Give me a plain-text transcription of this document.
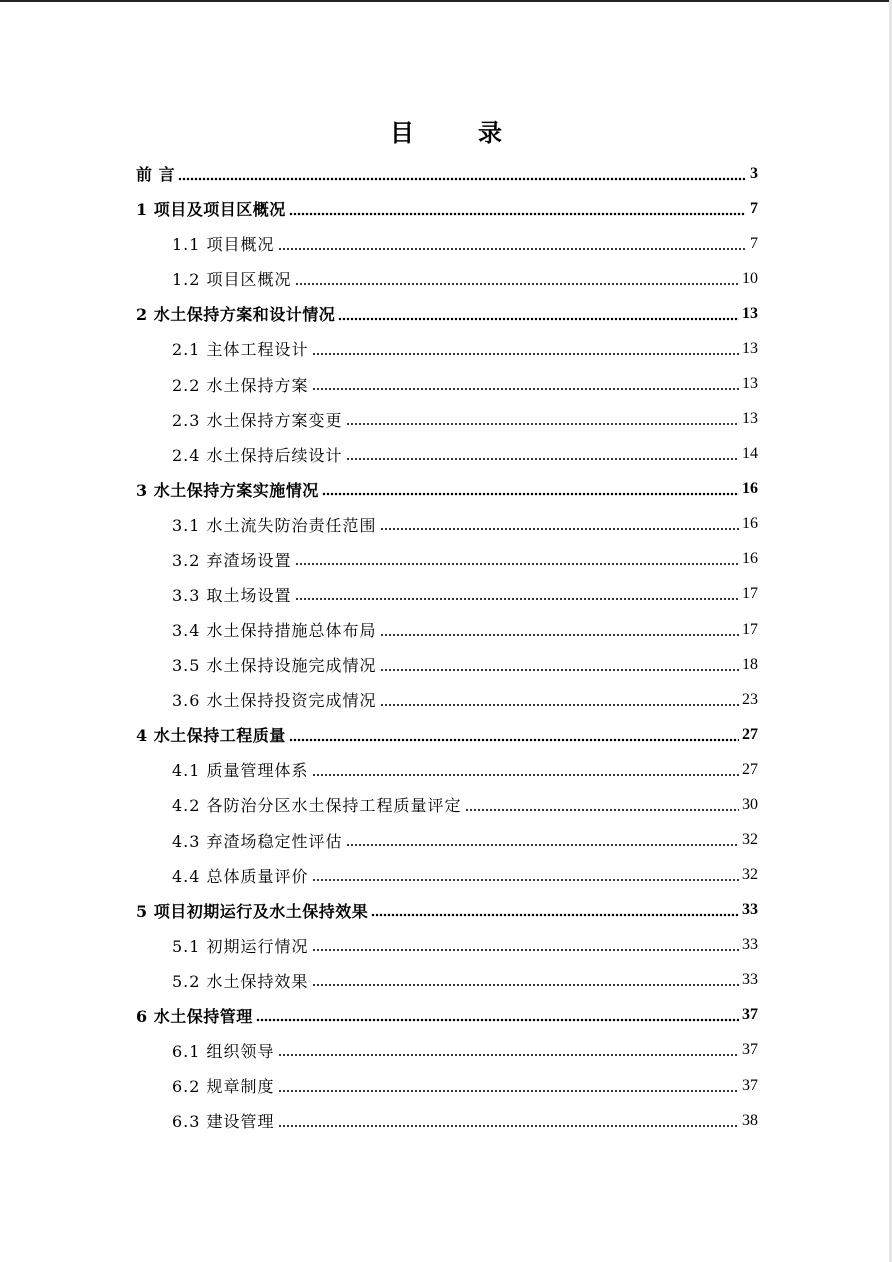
目　录
前 言	3
1 项目及项目区概况	7
1.1 项目概况	7
1.2 项目区概况	10
2 水土保持方案和设计情况	13
2.1 主体工程设计	13
2.2 水土保持方案	13
2.3 水土保持方案变更	13
2.4 水土保持后续设计	14
3 水土保持方案实施情况	16
3.1 水土流失防治责任范围	16
3.2 弃渣场设置	16
3.3 取土场设置	17
3.4 水土保持措施总体布局	17
3.5 水土保持设施完成情况	18
3.6 水土保持投资完成情况	23
4 水土保持工程质量	27
4.1 质量管理体系	27
4.2 各防治分区水土保持工程质量评定	30
4.3 弃渣场稳定性评估	32
4.4 总体质量评价	32
5 项目初期运行及水土保持效果	33
5.1 初期运行情况	33
5.2 水土保持效果	33
6 水土保持管理	37
6.1 组织领导	37
6.2 规章制度	37
6.3 建设管理	38
